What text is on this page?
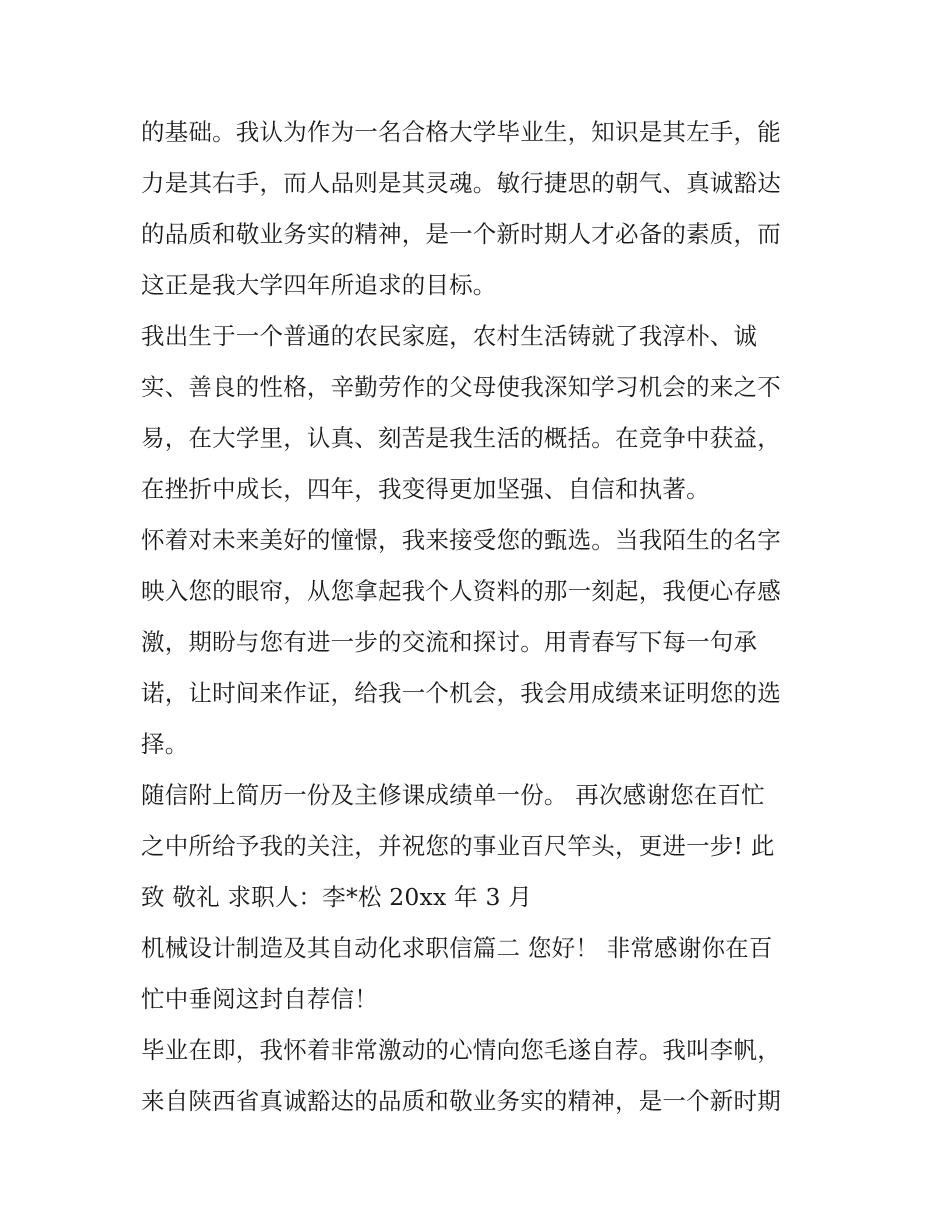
的基础。我认为作为一名合格大学毕业生，知识是其左手，能
力是其右手，而人品则是其灵魂。敏行捷思的朝气、真诚豁达
的品质和敬业务实的精神，是一个新时期人才必备的素质，而
这正是我大学四年所追求的目标。
我出生于一个普通的农民家庭，农村生活铸就了我淳朴、诚
实、善良的性格，辛勤劳作的父母使我深知学习机会的来之不
易，在大学里，认真、刻苦是我生活的概括。在竞争中获益，
在挫折中成长，四年，我变得更加坚强、自信和执著。
怀着对未来美好的憧憬，我来接受您的甄选。当我陌生的名字
映入您的眼帘，从您拿起我个人资料的那一刻起，我便心存感
激，期盼与您有进一步的交流和探讨。用青春写下每一句承
诺，让时间来作证，给我一个机会，我会用成绩来证明您的选
择。
随信附上简历一份及主修课成绩单一份。 再次感谢您在百忙
之中所给予我的关注，并祝您的事业百尺竿头，更进一步! 此
致 敬礼 求职人：李*松 20xx 年 3 月
机械设计制造及其自动化求职信篇二 您好！ 非常感谢你在百
忙中垂阅这封自荐信！
毕业在即，我怀着非常激动的心情向您毛遂自荐。我叫李帆，
来自陕西省真诚豁达的品质和敬业务实的精神，是一个新时期
